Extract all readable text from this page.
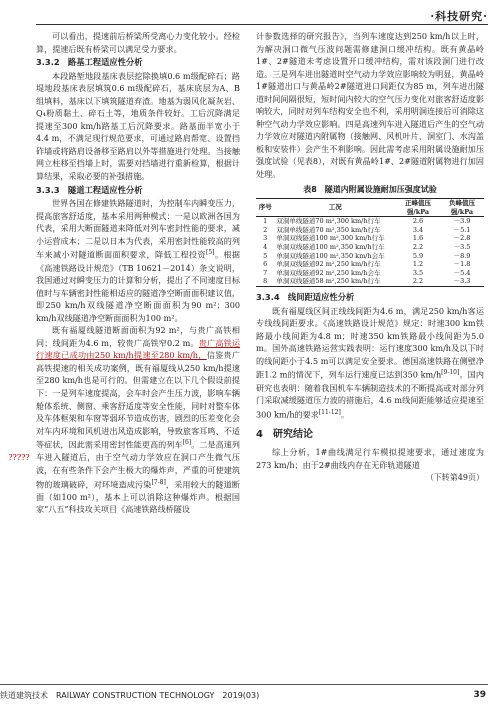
·科技研究·

可以看出，提速前后桥梁所受离心力变化较小。经检算，提速后既有桥梁可以满足受力要求。

3.3.2　路基工程适应性分析

本段路堑地段基床表层挖除换填0.6 m级配碎石；路堤地段基床表层填筑0.6 m级配碎石，基床底层为A、B组填料，基床以下填筑隧道弃渣。地基为弱风化凝灰岩、Q₄粉质黏土、碎石土等，地质条件较好。工后沉降满足提速至300 km/h路基工后沉降要求。路基面半宽小于4.4 m，不满足现行规范要求，可通过路肩帮宽、设置挡砟墙或将路肩设备移至路肩以外等措施进行处理。当接触网立柱移至挡墙上时，需要对挡墙进行重新检算，根据计算结果，采取必要的补强措施。

3.3.3　隧道工程适应性分析

世界各国在修建铁路隧道时，为控制车内瞬变压力，提高旅客舒适度，基本采用两种模式：一是以欧洲各国为代表，采用大断面隧道来降低对列车密封性能的要求，减小运营成本；二是以日本为代表，采用密封性能较高的列车来减小对隧道断面面积要求，降低工程投资[5]。根据《高速铁路设计规范》（TB 10621－2014）条文说明，我国通过对瞬变压力的计算和分析，提出了不同速度目标值时与车辆密封性能相适应的隧道净空断面面积建议值，即250 km/h双线隧道净空断面面积为90 m²；300 km/h双线隧道净空断面面积为100 m²。

既有福厦线隧道断面面积为92 m²，与贵广高铁相同；线间距为4.6 m，较贵广高铁窄0.2 m。贵广高铁运行速度已成功由250 km/h提速至280 km/h，信鉴贵广高铁提速的相关成功案例，既有福厦线从250 km/h提速至280 km/h也是可行的。但需建立在以下几个假设前提下：一是列车速度提高，会车时会产生压力波，影响车辆舱体系统、侧窗、乘客舒适度等安全性能，同时对整车体及车体框架和车窗等弱环节造成伤害，剧烈的压差变化会对车内环境和风机进出风造成影响，导致旅客耳鸣、不适等症状，因此需采用密封性能更高的列车[6]。二是高速列车进入隧道后，由于空气动力学效应在洞口产生微气压波，在有些条件下会产生极大的爆炸声，严重的可使建筑物的玻璃破碎，对环境造成污染[7-8]，采用较大的隧道断面（如100 m²），基本上可以消除这种爆炸声。根据国家“八五”科技攻关项目《高速铁路线桥隧设

?????

计参数选择的研究报告》，当列车速度达到250 km/h以上时，为解决洞口微气压波问题需修建洞口缓冲结构。既有黄晶岭1#、2#隧道未考虑设置开口缓冲结构，需对该段洞门进行改造。三是列车进出隧道时空气动力学效应影响较为明显，黄晶岭1#隧道出口与黄晶岭2#隧道进口间距仅为85 m，列车进出隧道时间间隔很短，短时间内较大的空气压力变化对旅客舒适度影响较大，同时对列车结构安全也不利，采用明洞连接后可消除这种空气动力学效应影响。四是高速列车进入隧道后产生的空气动力学效应对隧道内附属物（接触网、风机叶片、洞室门、水沟盖板和安装件）会产生不利影响。因此需考虑采用附属设施耐加压强度试验（见表8），对既有黄晶岭1#、2#隧道附属物进行加固处理。

表8　隧道内附属设施耐加压强度试验
序号	工况	正峰值压强/kPa	负峰值压强/kPa
1	双洞单线隧道70 m²,300 km/h行车	2.6	－3.9
2	双洞单线隧道70 m²,350 km/h行车	3.4	－5.1
3	单洞双线隧道100 m²,300 km/h行车	1.6	－2.8
4	单洞双线隧道100 m²,350 km/h行车	2.2	－3.5
5	单洞双线隧道100 m²,350 km/h会车	5.9	－8.9
6	单洞双线隧道92 m²,250 km/h行车	1.2	－1.8
7	单洞双线隧道92 m²,250 km/h会车	3.5	－5.4
8	单洞双线隧道58 m²,250 km/h行车	2.2	－3.3
3.3.4　线间距适应性分析

既有福厦线区间正线线间距为4.6 m，满足250 km/h客运专线线间距要求。《高速铁路设计规范》规定：时速300 km铁路最小线间距为4.8 m；时速350 km铁路最小线间距为5.0 m。国外高速铁路运营实践表明：运行速度300 km/h及以下时的线间距小于4.5 m可以满足安全要求。德国高速铁路在侧壁净距1.2 m的情况下，列车运行速度已达到350 km/h[9-10]。国内研究也表明：随着我国机车车辆制造技术的不断提高或对部分列门采取减缓隧道压力波的措施后，4.6 m线间距能够适应提速至300 km/h的要求[11-12]。

4　研究结论

综上分析，1#曲线满足行车模拟提速要求，通过速度为273 km/h；由于2#曲线内存在无砟轨道隧道

（下转第49页）
铁道建筑技术　RAILWAY CONSTRUCTION TECHNOLOGY　2019(03)	39
